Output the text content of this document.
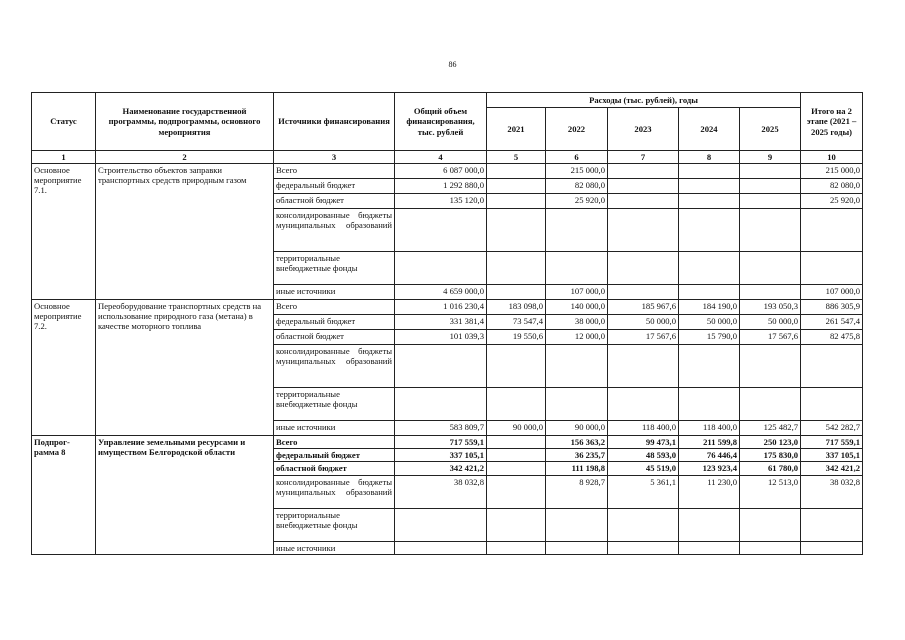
86
Статус	Наименование государственной программы, подпрограммы, основного мероприятия	Источники финансирования	Общий объем финансирования, тыс. рублей	Расходы (тыс. рублей), годы					Итого на 2 этапе (2021 – 2025 годы)
				2021	2022	2023	2024	2025	
1	2	3	4	5	6	7	8	9	10
Основное мероприятие 7.1.	Строительство объектов заправки транспортных средств природным газом	Всего	6 087 000,0		215 000,0				215 000,0
		федеральный бюджет	1 292 880,0		82 080,0				82 080,0
		областной бюджет	135 120,0		25 920,0				25 920,0
		консолидированные бюджеты муниципальных образований							
		территориальные внебюджетные фонды							
		иные источники	4 659 000,0		107 000,0				107 000,0
Основное мероприятие 7.2.	Переоборудование транспортных средств на использование природного газа (метана) в качестве моторного топлива	Всего	1 016 230,4	183 098,0	140 000,0	185 967,6	184 190,0	193 050,3	886 305,9
		федеральный бюджет	331 381,4	73 547,4	38 000,0	50 000,0	50 000,0	50 000,0	261 547,4
		областной бюджет	101 039,3	19 550,6	12 000,0	17 567,6	15 790,0	17 567,6	82 475,8
		консолидированные бюджеты муниципальных образований							
		территориальные внебюджетные фонды							
		иные источники	583 809,7	90 000,0	90 000,0	118 400,0	118 400,0	125 482,7	542 282,7
Подпрог-рамма 8	Управление земельными ресурсами и имуществом Белгородской области	Всего	717 559,1		156 363,2	99 473,1	211 599,8	250 123,0	717 559,1
		федеральный бюджет	337 105,1		36 235,7	48 593,0	76 446,4	175 830,0	337 105,1
		областной бюджет	342 421,2		111 198,8	45 519,0	123 923,4	61 780,0	342 421,2
		консолидированные бюджеты муниципальных образований	38 032,8		8 928,7	5 361,1	11 230,0	12 513,0	38 032,8
		территориальные внебюджетные фонды							
		иные источники							
